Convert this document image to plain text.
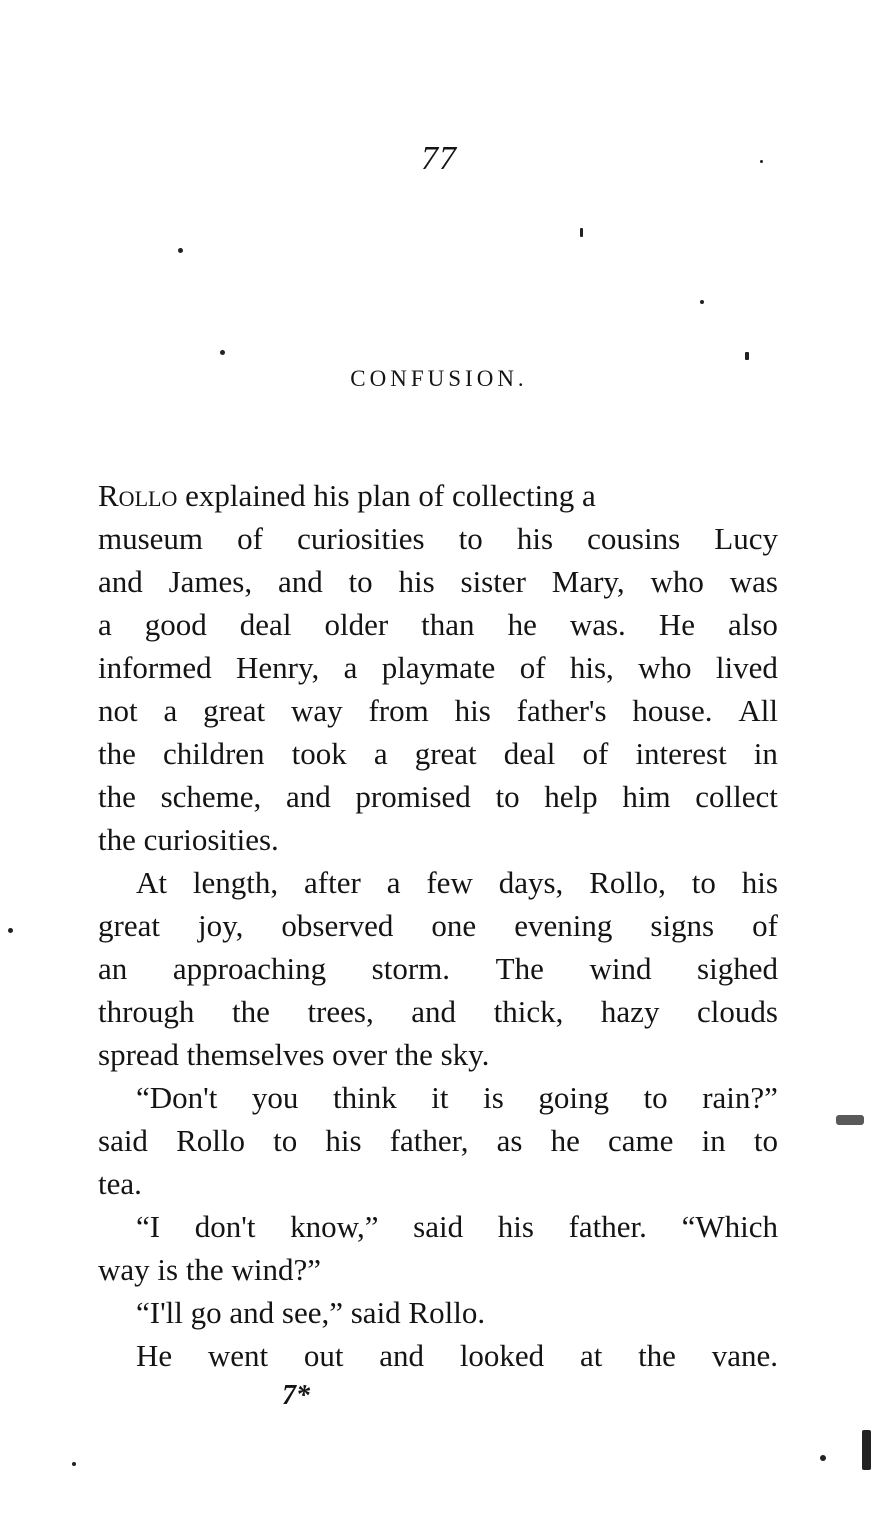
77
CONFUSION.
Rollo explained his plan of collecting a
museum of curiosities to his cousins Lucy
and James, and to his sister Mary, who was
a good deal older than he was. He also
informed Henry, a playmate of his, who lived
not a great way from his father's house. All
the children took a great deal of interest in
the scheme, and promised to help him collect
the curiosities.
At length, after a few days, Rollo, to his
great joy, observed one evening signs of
an approaching storm. The wind sighed
through the trees, and thick, hazy clouds
spread themselves over the sky.
“Don't you think it is going to rain?”
said Rollo to his father, as he came in to
tea.
“I don't know,” said his father. “Which
way is the wind?”
“I'll go and see,” said Rollo.
He went out and looked at the vane.
7*
